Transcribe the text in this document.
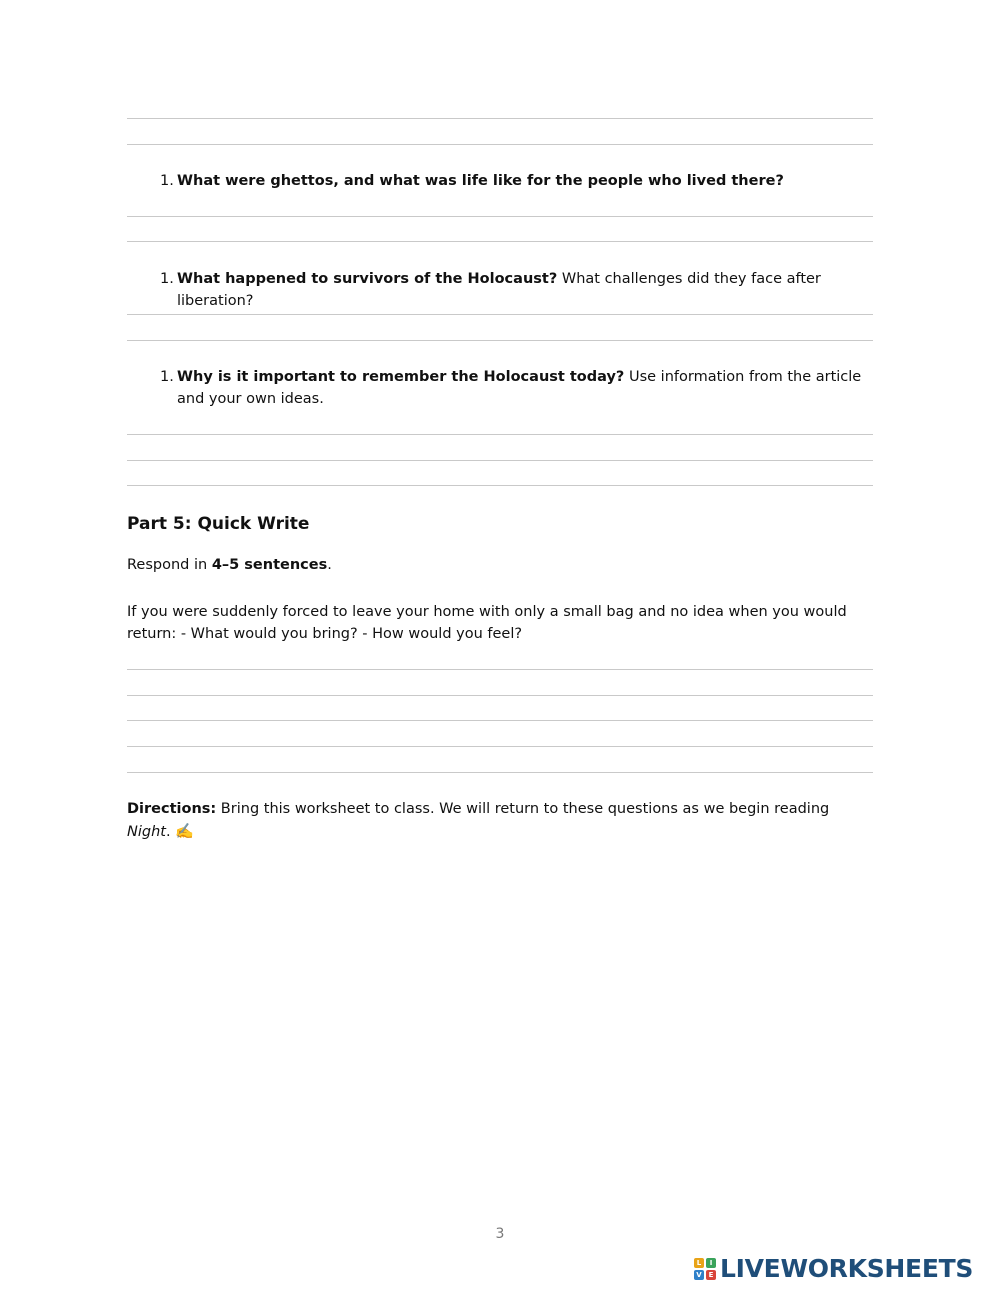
1. What were ghettos, and what was life like for the people who lived there?
1. What happened to survivors of the Holocaust? What challenges did they face after liberation?
1. Why is it important to remember the Holocaust today? Use information from the article and your own ideas.
Part 5: Quick Write
Respond in 4–5 sentences.
If you were suddenly forced to leave your home with only a small bag and no idea when you would return: - What would you bring? - How would you feel?
Directions: Bring this worksheet to class. We will return to these questions as we begin reading Night. ✍️
3
L	I
V E LIVEWORKSHEETS
